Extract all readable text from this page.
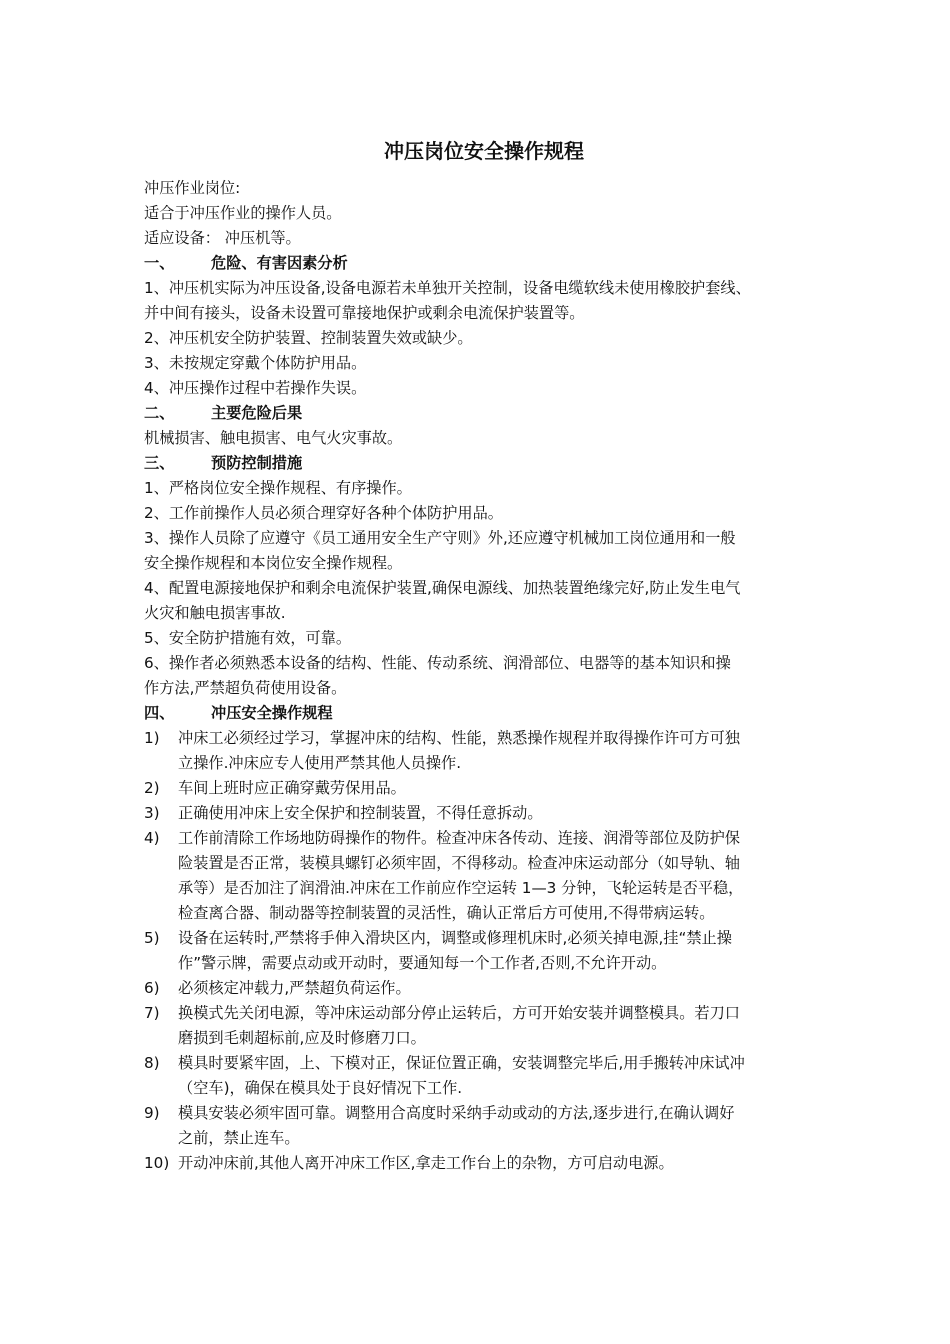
冲压岗位安全操作规程
冲压作业岗位:
适合于冲压作业的操作人员。
适应设备： 冲压机等。
一、	危险、有害因素分析
1、冲压机实际为冲压设备,设备电源若未单独开关控制，设备电缆软线未使用橡胶护套线、
并中间有接头，设备未设置可靠接地保护或剩余电流保护装置等。
2、冲压机安全防护装置、控制装置失效或缺少。
3、未按规定穿戴个体防护用品。
4、冲压操作过程中若操作失误。
二、	主要危险后果
机械损害、触电损害、电气火灾事故。
三、	预防控制措施
1、严格岗位安全操作规程、有序操作。
2、工作前操作人员必须合理穿好各种个体防护用品。
3、操作人员除了应遵守《员工通用安全生产守则》外,还应遵守机械加工岗位通用和一般
安全操作规程和本岗位安全操作规程。
4、配置电源接地保护和剩余电流保护装置,确保电源线、加热装置绝缘完好,防止发生电气
火灾和触电损害事故.
5、安全防护措施有效，可靠。
6、操作者必须熟悉本设备的结构、性能、传动系统、润滑部位、电器等的基本知识和操
作方法,严禁超负荷使用设备。
四、	冲压安全操作规程
1)	冲床工必须经过学习，掌握冲床的结构、性能，熟悉操作规程并取得操作许可方可独
立操作.冲床应专人使用严禁其他人员操作.
2)	车间上班时应正确穿戴劳保用品。
3)	正确使用冲床上安全保护和控制装置，不得任意拆动。
4)	工作前清除工作场地防碍操作的物件。检查冲床各传动、连接、润滑等部位及防护保
险装置是否正常，装模具螺钉必须牢固，不得移动。检查冲床运动部分（如导轨、轴
承等）是否加注了润滑油.冲床在工作前应作空运转 1—3 分钟，飞轮运转是否平稳，
检查离合器、制动器等控制装置的灵活性，确认正常后方可使用,不得带病运转。
5)	设备在运转时,严禁将手伸入滑块区内，调整或修理机床时,必须关掉电源,挂“禁止操
作”警示牌，需要点动或开动时，要通知每一个工作者,否则,不允许开动。
6)	必须核定冲载力,严禁超负荷运作。
7)	换模式先关闭电源，等冲床运动部分停止运转后，方可开始安装并调整模具。若刀口
磨损到毛刺超标前,应及时修磨刀口。
8)	模具时要紧牢固，上、下模对正，保证位置正确，安装调整完毕后,用手搬转冲床试冲
（空车)，确保在模具处于良好情况下工作.
9)	模具安装必须牢固可靠。调整用合高度时采纳手动或动的方法,逐步进行,在确认调好
之前，禁止连车。
10) 开动冲床前,其他人离开冲床工作区,拿走工作台上的杂物，方可启动电源。
